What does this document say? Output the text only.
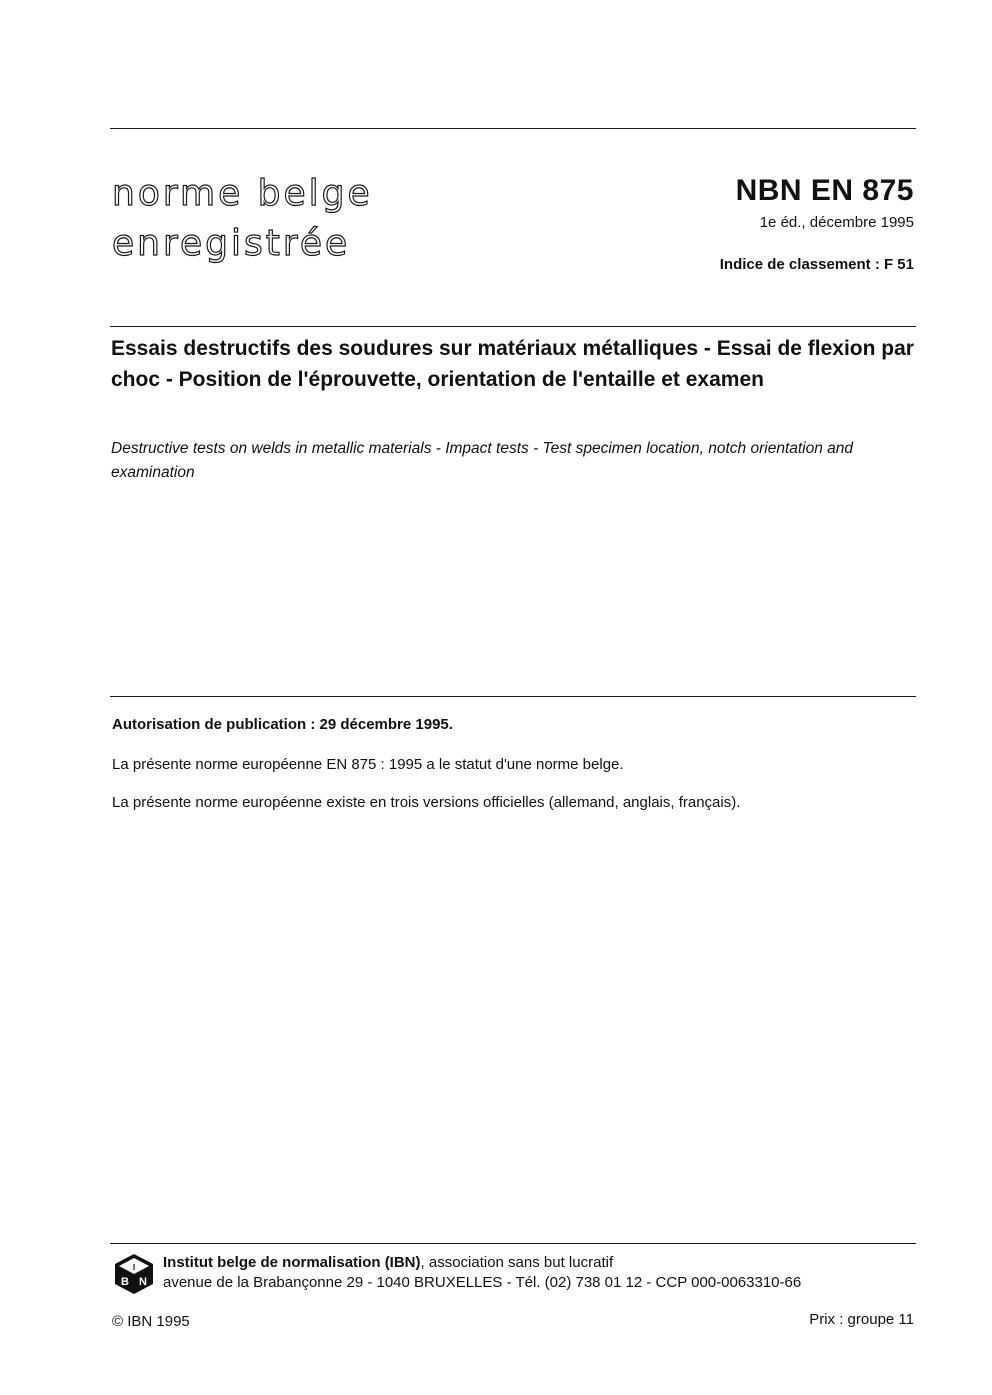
norme belge
enregistrée
NBN EN 875
1e éd., décembre 1995
Indice de classement : F 51
Essais destructifs des soudures sur matériaux métalliques - Essai de flexion par choc - Position de l'éprouvette, orientation de l'entaille et examen
Destructive tests on welds in metallic materials - Impact tests - Test specimen location, notch orientation and examination
Autorisation de publication : 29 décembre 1995.
La présente norme européenne EN 875 : 1995 a le statut d'une norme belge.
La présente norme européenne existe en trois versions officielles (allemand, anglais, français).
I
B N
Institut belge de normalisation (IBN), association sans but lucratif
avenue de la Brabançonne 29 - 1040 BRUXELLES - Tél. (02) 738 01 12 - CCP 000-0063310-66
© IBN 1995	Prix : groupe 11
